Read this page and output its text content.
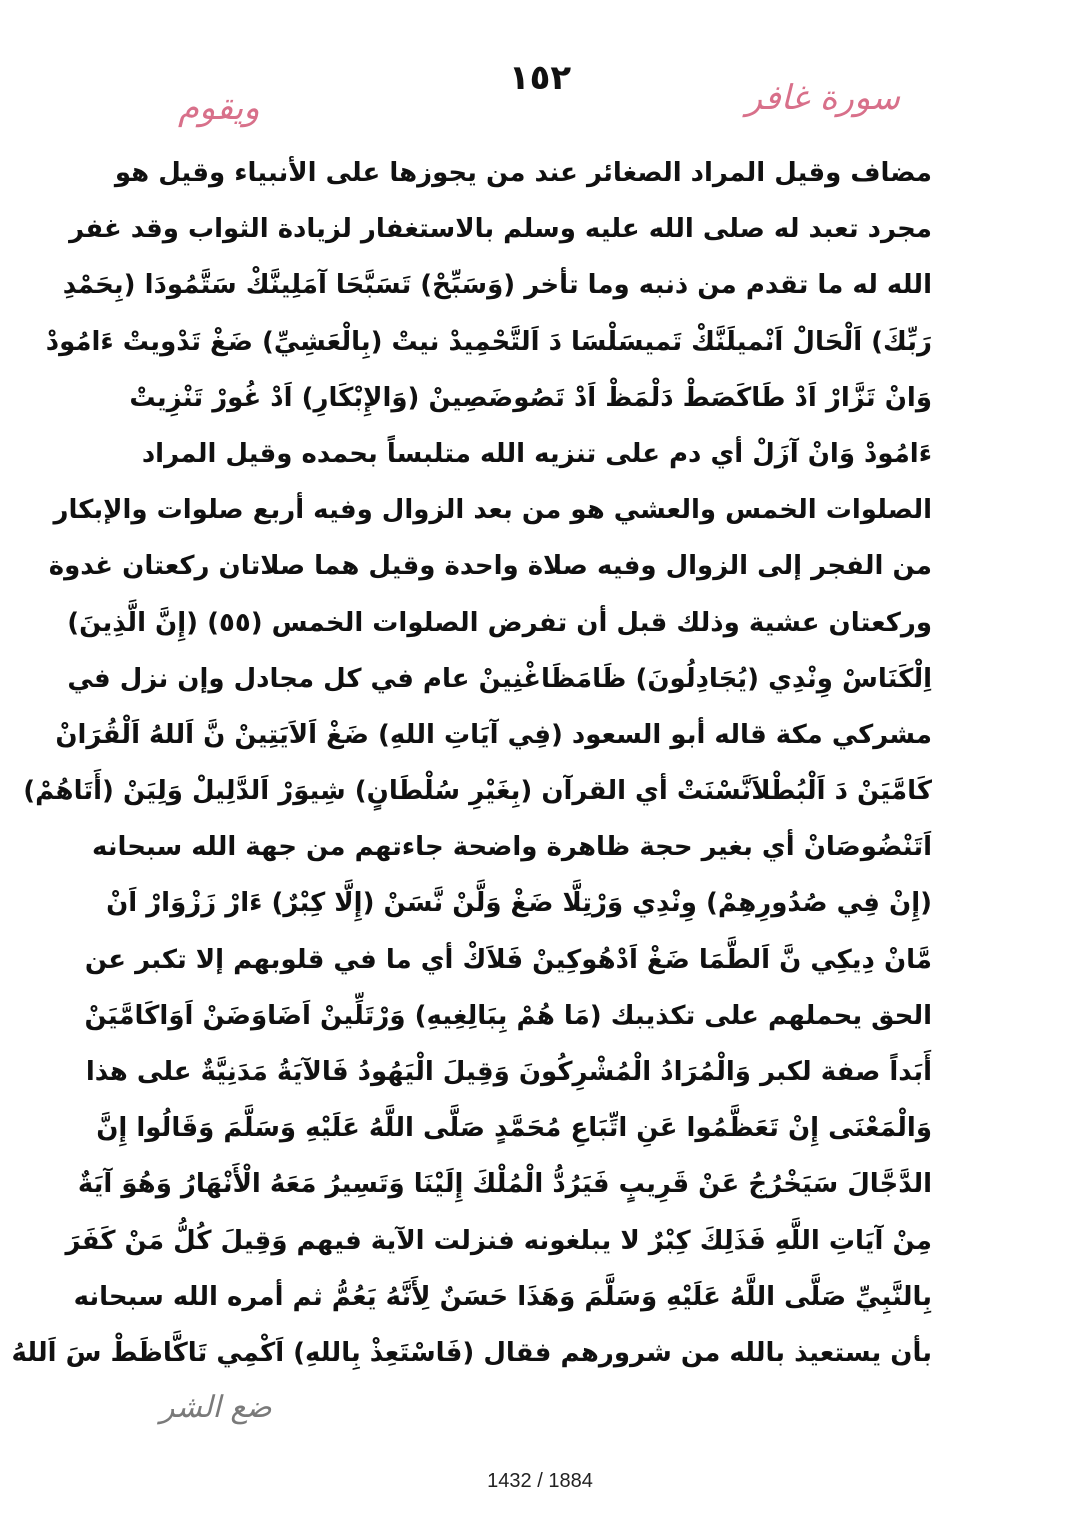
١٥٢	سورة غافر
ويقوم
مضاف وقيل المراد الصغائر عند من يجوزها على الأنبياء وقيل هو
مجرد تعبد له صلى الله عليه وسلم بالاستغفار لزيادة الثواب وقد غفر
الله له ما تقدم من ذنبه وما تأخر (وَسَبِّحْ) تَسَبَّحَا آمَلِينَّكْ سَتَّمُودَا (بِحَمْدِ
رَبِّكَ) اَلْحَالْ اَنْميلَنَّكْ تَميسَلْسَا دَ اَلتَّحْمِيدْ نيتْ (بِالْعَشِيِّ) ضَغْ تَدْويتْ ءَامُودْ
وَانْ تَزَّارْ اَدْ طَاكَصَطْ دَلْمَظْ اَدْ تَصُوضَصِينْ (وَالإِبْكَارِ) اَدْ غُورْ تَنْزِيتْ
ءَامُودْ وَانْ آزَلْ أي دم على تنزيه الله متلبساً بحمده وقيل المراد
الصلوات الخمس والعشي هو من بعد الزوال وفيه أربع صلوات والإبكار
من الفجر إلى الزوال وفيه صلاة واحدة وقيل هما صلاتان ركعتان غدوة
وركعتان عشية وذلك قبل أن تفرض الصلوات الخمس (٥٥) (إِنَّ الَّذِينَ)
اِلْكَنَاسْ وِنْدِي (يُجَادِلُونَ) ظَامَظَاغْنِينْ عام في كل مجادل وإن نزل في
مشركي مكة قاله أبو السعود (فِي آيَاتِ اللهِ) ضَغْ اَلاَيَتِينْ نَّ اَللهُ اَلْقُرَانْ
كَامَّيَنْ دَ اَلْبُطْلاَنَّسْنَتْ أي القرآن (بِغَيْرِ سُلْطَانٍ) شِيوَرْ اَلدَّلِيلْ وَلِيَنْ (أَتَاهُمْ)
اَتَنْضُوصَانْ أي بغير حجة ظاهرة واضحة جاءتهم من جهة الله سبحانه
(إِنْ فِي صُدُورِهِمْ) وِنْدِي وَرْتِلَّا ضَغْ وَلَّنْ نَّسَنْ (إِلَّا كِبْرٌ) ءَارْ زَزْوَارْ اَنْ
مَّانْ دِيكِي نَّ اَلطَّمَا ضَغْ اَدْهُوكِينْ فَلاَكْ أي ما في قلوبهم إلا تكبر عن
الحق يحملهم على تكذيبك (مَا هُمْ بِبَالِغِيهِ) وَرْتَلِّينْ اَضَاوَضَنْ اَوَاكَامَّيَنْ
أَبَداً صفة لكبر وَالْمُرَادُ الْمُشْرِكُونَ وَقِيلَ الْيَهُودُ فَالآيَةُ مَدَنِيَّةٌ على هذا
وَالْمَعْنَى إِنْ تَعَظَّمُوا عَنِ اتِّبَاعِ مُحَمَّدٍ صَلَّى اللَّهُ عَلَيْهِ وَسَلَّمَ وَقَالُوا إِنَّ
الدَّجَّالَ سَيَخْرُجُ عَنْ قَرِيبٍ فَيَرُدُّ الْمُلْكَ إِلَيْنَا وَتَسِيرُ مَعَهُ الْأَنْهَارُ وَهُوَ آيَةٌ
مِنْ آيَاتِ اللَّهِ فَذَلِكَ كِبْرٌ لا يبلغونه فنزلت الآية فيهم وَقِيلَ كُلُّ مَنْ كَفَرَ
بِالنَّبِيِّ صَلَّى اللَّهُ عَلَيْهِ وَسَلَّمَ وَهَذَا حَسَنٌ لِأَنَّهُ يَعُمُّ ثم أمره الله سبحانه
بأن يستعيذ بالله من شرورهم فقال (فَاسْتَعِذْ بِاللهِ) اَكْمِي تَاكَّاظَطْ سَ اَللهُ
ضع الشر
1432 / 1884
